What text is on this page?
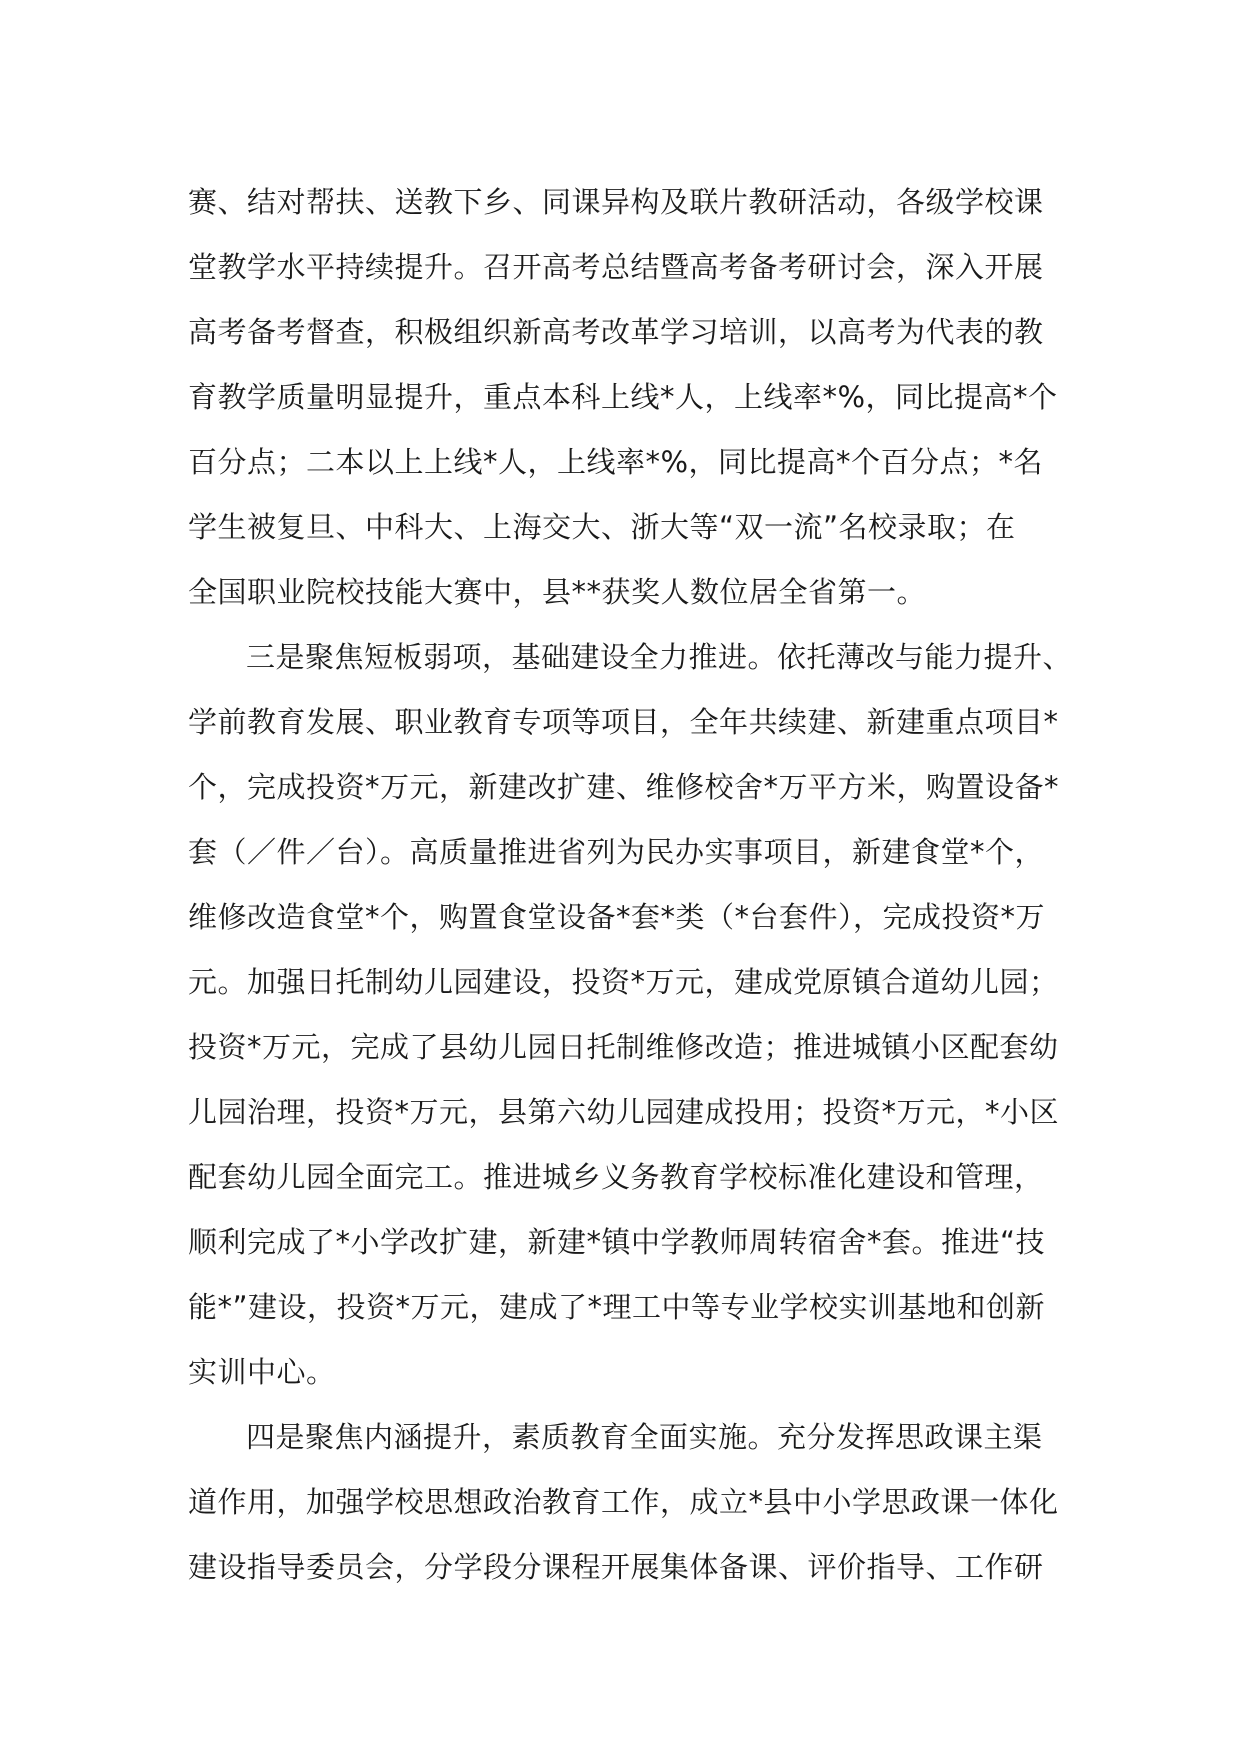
赛、结对帮扶、送教下乡、同课异构及联片教研活动，各级学校课
堂教学水平持续提升。召开高考总结暨高考备考研讨会，深入开展
高考备考督查，积极组织新高考改革学习培训，以高考为代表的教
育教学质量明显提升，重点本科上线*人，上线率*%，同比提高*个
百分点；二本以上上线*人，上线率*%，同比提高*个百分点；*名
学生被复旦、中科大、上海交大、浙大等“双一流”名校录取；在
全国职业院校技能大赛中，县**获奖人数位居全省第一。
三是聚焦短板弱项，基础建设全力推进。依托薄改与能力提升、
学前教育发展、职业教育专项等项目，全年共续建、新建重点项目*
个，完成投资*万元，新建改扩建、维修校舍*万平方米，购置设备*
套（／件／台）。高质量推进省列为民办实事项目，新建食堂*个，
维修改造食堂*个，购置食堂设备*套*类（*台套件），完成投资*万
元。加强日托制幼儿园建设，投资*万元，建成党原镇合道幼儿园；
投资*万元，完成了县幼儿园日托制维修改造；推进城镇小区配套幼
儿园治理，投资*万元，县第六幼儿园建成投用；投资*万元，*小区
配套幼儿园全面完工。推进城乡义务教育学校标准化建设和管理，
顺利完成了*小学改扩建，新建*镇中学教师周转宿舍*套。推进“技
能*”建设，投资*万元，建成了*理工中等专业学校实训基地和创新
实训中心。
四是聚焦内涵提升，素质教育全面实施。充分发挥思政课主渠
道作用，加强学校思想政治教育工作，成立*县中小学思政课一体化
建设指导委员会，分学段分课程开展集体备课、评价指导、工作研
